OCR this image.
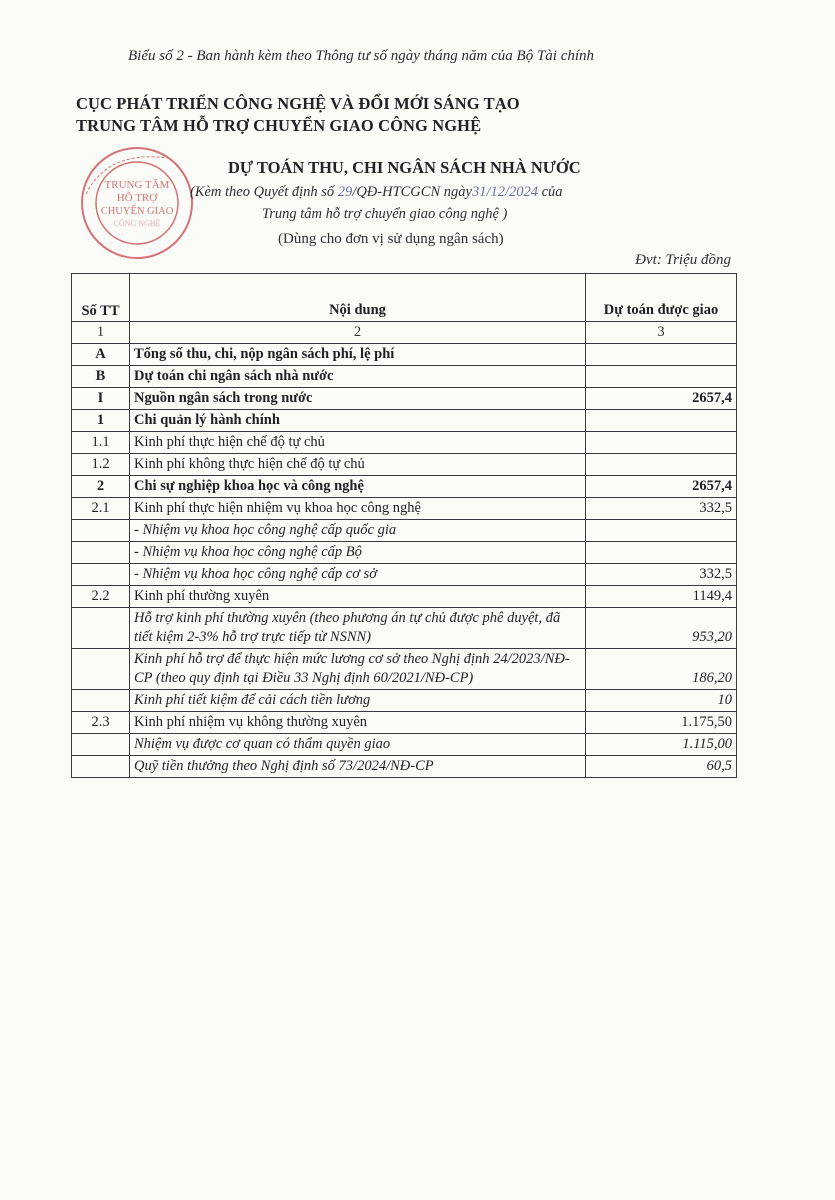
Biểu số 2 - Ban hành kèm theo Thông tư số ngày tháng năm của Bộ Tài chính
CỤC PHÁT TRIỂN CÔNG NGHỆ VÀ ĐỔI MỚI SÁNG TẠO
TRUNG TÂM HỖ TRỢ CHUYỂN GIAO CÔNG NGHỆ
TRUNG TÂM
HỖ TRỢ
CHUYỂN GIAO
CÔNG NGHỆ
DỰ TOÁN THU, CHI NGÂN SÁCH NHÀ NƯỚC
(Kèm theo Quyết định số 29/QĐ-HTCGCN ngày31/12/2024 của
Trung tâm hỗ trợ chuyển giao công nghệ )
(Dùng cho đơn vị sử dụng ngân sách)
Đvt: Triệu đồng
Số TT	Nội dung	Dự toán được giao
1	2	3
A	Tổng số thu, chi, nộp ngân sách phí, lệ phí	
B	Dự toán chi ngân sách nhà nước	
I	Nguồn ngân sách trong nước	2657,4
1	Chi quản lý hành chính	
1.1	Kinh phí thực hiện chế độ tự chủ	
1.2	Kinh phí không thực hiện chế độ tự chủ	
2	Chi sự nghiệp khoa học và công nghệ	2657,4
2.1	Kinh phí thực hiện nhiệm vụ khoa học công nghệ	332,5
	- Nhiệm vụ khoa học công nghệ cấp quốc gia	
	- Nhiệm vụ khoa học công nghệ cấp Bộ	
	- Nhiệm vụ khoa học công nghệ cấp cơ sở	332,5
2.2	Kinh phí thường xuyên	1149,4
	Hỗ trợ kinh phí thường xuyên (theo phương án tự chủ được phê duyệt, đã tiết kiệm 2-3% hỗ trợ trực tiếp từ NSNN)	953,20
	Kinh phí hỗ trợ để thực hiện mức lương cơ sở theo Nghị định 24/2023/NĐ-CP (theo quy định tại Điều 33 Nghị định 60/2021/NĐ-CP)	186,20
	Kinh phí tiết kiệm để cải cách tiền lương	10
2.3	Kinh phí nhiệm vụ không thường xuyên	1.175,50
	Nhiệm vụ được cơ quan có thẩm quyền giao	1.115,00
	Quỹ tiền thưởng theo Nghị định số 73/2024/NĐ-CP	60,5
